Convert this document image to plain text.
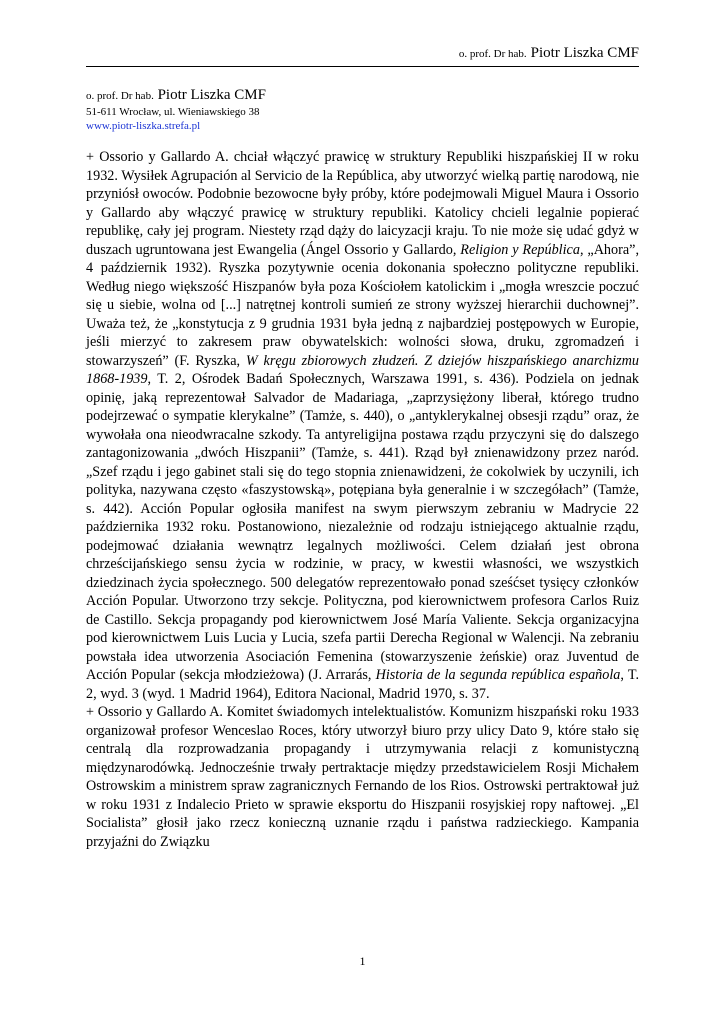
o. prof. Dr hab. Piotr Liszka CMF
o. prof. Dr hab. Piotr Liszka CMF
51-611 Wrocław, ul. Wieniawskiego 38
www.piotr-liszka.strefa.pl

+ Ossorio y Gallardo A. chciał włączyć prawicę w struktury Republiki hiszpańskiej II w roku 1932. Wysiłek Agrupación al Servicio de la República, aby utworzyć wielką partię narodową, nie przyniósł owoców. Podobnie bezowocne były próby, które podejmowali Miguel Maura i Ossorio y Gallardo aby włączyć prawicę w struktury republiki. Katolicy chcieli legalnie popierać republikę, cały jej program. Niestety rząd dąży do laicyzacji kraju. To nie może się udać gdyż w duszach ugruntowana jest Ewangelia (Ángel Ossorio y Gallardo, Religion y República, „Ahora”, 4 październik 1932). Ryszka pozytywnie ocenia dokonania społeczno polityczne republiki. Według niego większość Hiszpanów była poza Kościołem katolickim i „mogła wreszcie poczuć się u siebie, wolna od [...] natrętnej kontroli sumień ze strony wyższej hierarchii duchownej”. Uważa też, że „konstytucja z 9 grudnia 1931 była jedną z najbardziej postępowych w Europie, jeśli mierzyć to zakresem praw obywatelskich: wolności słowa, druku, zgromadzeń i stowarzyszeń” (F. Ryszka, W kręgu zbiorowych złudzeń. Z dziejów hiszpańskiego anarchizmu 1868-1939, T. 2, Ośrodek Badań Społecznych, Warszawa 1991, s. 436). Podziela on jednak opinię, jaką reprezentował Salvador de Madariaga, „zaprzysiężony liberał, którego trudno podejrzewać o sympatie klerykalne” (Tamże, s. 440), o „antyklerykalnej obsesji rządu” oraz, że wywołała ona nieodwracalne szkody. Ta antyreligijna postawa rządu przyczyni się do dalszego zantagonizowania „dwóch Hiszpanii” (Tamże, s. 441). Rząd był znienawidzony przez naród. „Szef rządu i jego gabinet stali się do tego stopnia znienawidzeni, że cokolwiek by uczynili, ich polityka, nazywana często «faszystowską», potępiana była generalnie i w szczegółach” (Tamże, s. 442). Acción Popular ogłosiła manifest na swym pierwszym zebraniu w Madrycie 22 października 1932 roku. Postanowiono, niezależnie od rodzaju istniejącego aktualnie rządu, podejmować działania wewnątrz legalnych możliwości. Celem działań jest obrona chrześcijańskiego sensu życia w rodzinie, w pracy, w kwestii własności, we wszystkich dziedzinach życia społecznego. 500 delegatów reprezentowało ponad sześćset tysięcy członków Acción Popular. Utworzono trzy sekcje. Polityczna, pod kierownictwem profesora Carlos Ruiz de Castillo. Sekcja propagandy pod kierownictwem José María Valiente. Sekcja organizacyjna pod kierownictwem Luis Lucia y Lucia, szefa partii Derecha Regional w Walencji. Na zebraniu powstała idea utworzenia Asociación Femenina (stowarzyszenie żeńskie) oraz Juventud de Acción Popular (sekcja młodzieżowa) (J. Arrarás, Historia de la segunda república española, T. 2, wyd. 3 (wyd. 1 Madrid 1964), Editora Nacional, Madrid 1970, s. 37.

+ Ossorio y Gallardo A. Komitet świadomych intelektualistów. Komunizm hiszpański roku 1933 organizował profesor Wenceslao Roces, który utworzył biuro przy ulicy Dato 9, które stało się centralą dla rozprowadzania propagandy i utrzymywania relacji z komunistyczną międzynarodówką. Jednocześnie trwały pertraktacje między przedstawicielem Rosji Michałem Ostrowskim a ministrem spraw zagranicznych Fernando de los Rios. Ostrowski pertraktował już w roku 1931 z Indalecio Prieto w sprawie eksportu do Hiszpanii rosyjskiej ropy naftowej. „El Socialista” głosił jako rzecz konieczną uznanie rządu i państwa radzieckiego. Kampania przyjaźni do Związku

1
